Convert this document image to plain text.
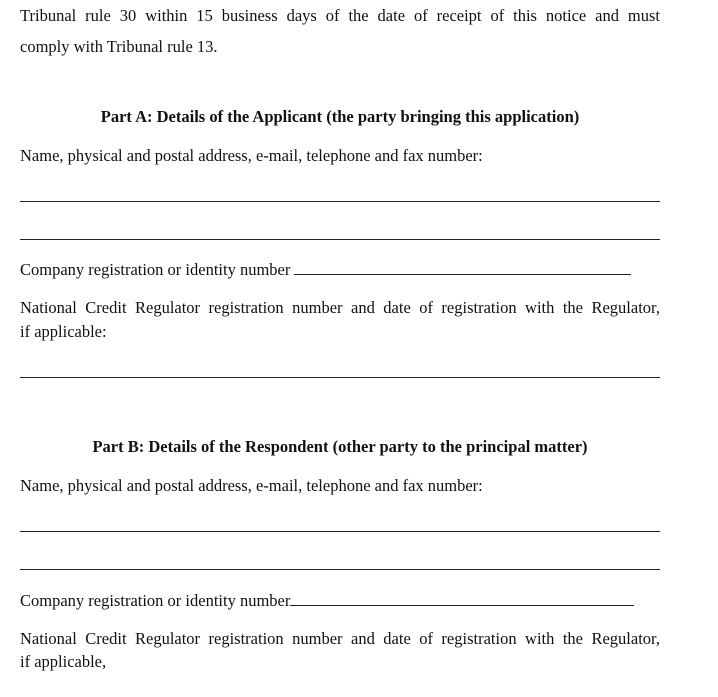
Tribunal rule 30 within 15 business days of the date of receipt of this notice and must
comply with Tribunal rule 13.
Part A: Details of the Applicant (the party bringing this application)
Name, physical and postal address, e-mail, telephone and fax number:
Company registration or identity number
National Credit Regulator registration number and date of registration with the Regulator,
if applicable:
Part B: Details of the Respondent (other party to the principal matter)
Name, physical and postal address, e-mail, telephone and fax number:
Company registration or identity number
National Credit Regulator registration number and date of registration with the Regulator,
if applicable,
